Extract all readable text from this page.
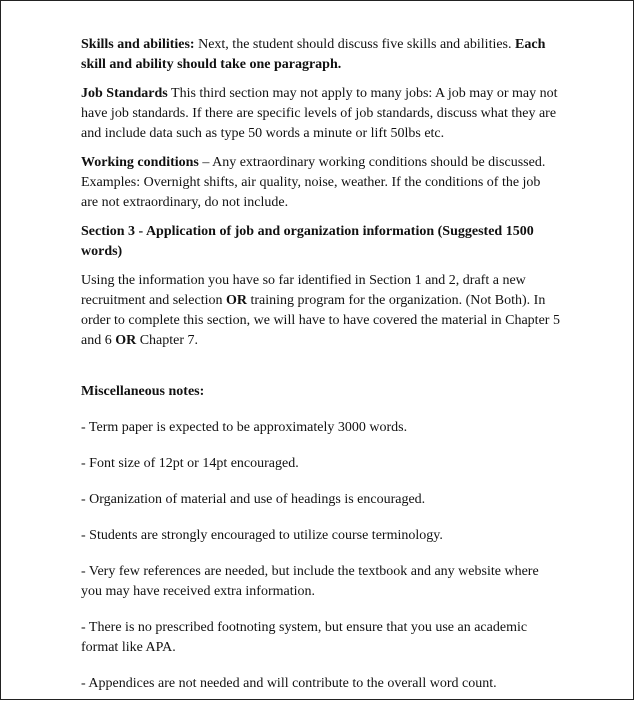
Skills and abilities: Next, the student should discuss five skills and abilities. Each skill and ability should take one paragraph.

Job Standards This third section may not apply to many jobs: A job may or may not have job standards. If there are specific levels of job standards, discuss what they are and include data such as type 50 words a minute or lift 50lbs etc.

Working conditions – Any extraordinary working conditions should be discussed. Examples: Overnight shifts, air quality, noise, weather. If the conditions of the job are not extraordinary, do not include.

Section 3 - Application of job and organization information (Suggested 1500 words)

Using the information you have so far identified in Section 1 and 2, draft a new recruitment and selection OR training program for the organization. (Not Both). In order to complete this section, we will have to have covered the material in Chapter 5 and 6 OR Chapter 7.

Miscellaneous notes:

- Term paper is expected to be approximately 3000 words.

- Font size of 12pt or 14pt encouraged.

- Organization of material and use of headings is encouraged.

- Students are strongly encouraged to utilize course terminology.

- Very few references are needed, but include the textbook and any website where you may have received extra information.

- There is no prescribed footnoting system, but ensure that you use an academic format like APA.

- Appendices are not needed and will contribute to the overall word count.
